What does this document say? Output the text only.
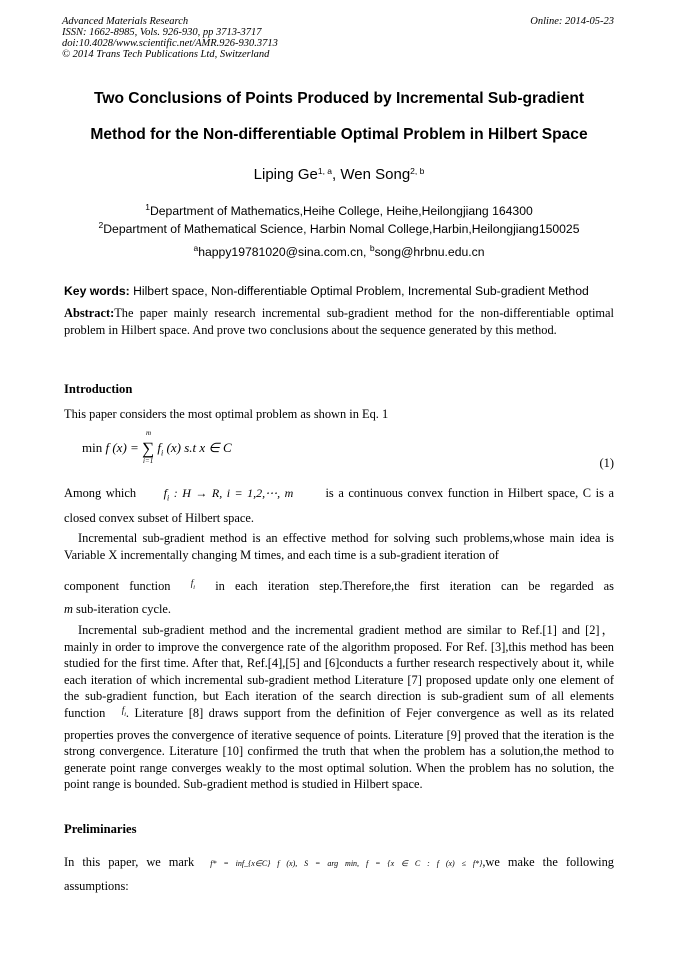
Advanced Materials Research
ISSN: 1662-8985, Vols. 926-930, pp 3713-3717
doi:10.4028/www.scientific.net/AMR.926-930.3713
© 2014 Trans Tech Publications Ltd, Switzerland
Online: 2014-05-23
Two Conclusions of Points Produced by Incremental Sub-gradient
Method for the Non-differentiable Optimal Problem in Hilbert Space
Liping Ge$^{1, a}$, Wen Song$^{2, b}$
$^1$Department of Mathematics,Heihe College, Heihe,Heilongjiang 164300
$^2$Department of Mathematical Science, Harbin Nomal College,Harbin,Heilongjiang150025
$^a$happy19781020@sina.com.cn, $^b$song@hrbnu.edu.cn
Key words: Hilbert space, Non-differentiable Optimal Problem, Incremental Sub-gradient Method
Abstract:The paper mainly research incremental sub-gradient method for the non-differentiable optimal problem in Hilbert space. And prove two conclusions about the sequence generated by this method.
Introduction
This paper considers the most optimal problem as shown in Eq. 1
min f (x) = ∑
m
i=1
$f_i$ (x) s.t x ∈ C
(1)
Among which $f_i$ : H → R, i = 1,2,⋯, m	is a continuous convex function in Hilbert space, C is a
closed convex subset of Hilbert space.
Incremental sub-gradient method is an effective method for solving such problems,whose main idea is Variable X incrementally changing M times, and each time is a sub-gradient iteration of
component function $^{f_i}$ in each iteration step.Therefore,the first iteration can be regarded as
m sub-iteration cycle.
Incremental sub-gradient method and the incremental gradient method are similar to Ref.[1] and [2]，mainly in order to improve the convergence rate of the algorithm proposed. For Ref. [3],this method has been studied for the first time. After that, Ref.[4],[5] and [6]conducts a further research respectively about it, while each iteration of which incremental sub-gradient method Literature [7] proposed update only one element of the sub-gradient function, but Each iteration of the search direction is sub-gradient sum of all elements function $^{f_i}$. Literature [8] draws support from the definition of Fejer convergence as well as its related properties proves the convergence of iterative sequence of points. Literature [9] proved that the iteration is the strong convergence. Literature [10] confirmed the truth that when the problem has a solution,the method to generate point range converges weakly to the most optimal solution. When the problem has no solution, the point range is bounded. Sub-gradient method is studied in Hilbert space.
Preliminaries
In this paper, we mark f* = inf_{x∈C} f (x), S = arg min, f = {x ∈ C : f (x) ≤ f*},we make the following
assumptions:
